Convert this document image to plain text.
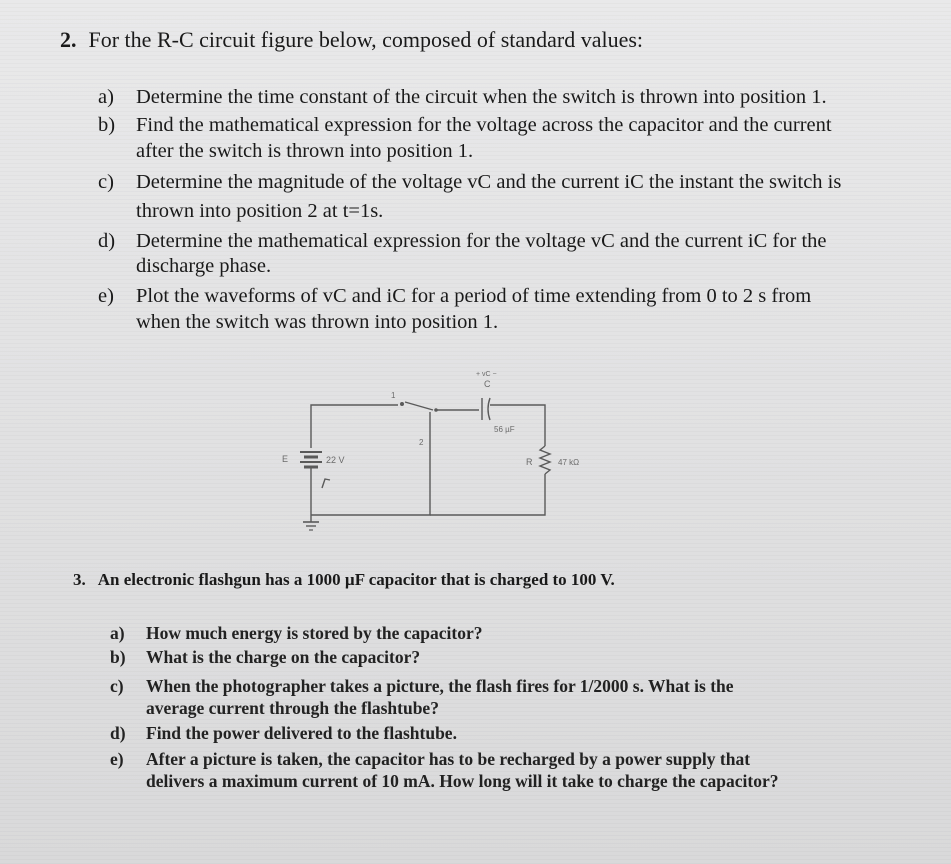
2. For the R-C circuit figure below, composed of standard values:
a) Determine the time constant of the circuit when the switch is thrown into position 1.
b) Find the mathematical expression for the voltage across the capacitor and the current
after the switch is thrown into position 1.
c) Determine the magnitude of the voltage vC and the current iC the instant the switch is
thrown into position 2 at t=1s.
d) Determine the mathematical expression for the voltage vC and the current iC for the
discharge phase.
e) Plot the waveforms of vC and iC for a period of time extending from 0 to 2 s from
when the switch was thrown into position 1.
E	22 V
C
56 µF
R	47 kΩ
1
2
+ vC −
3. An electronic flashgun has a 1000 µF capacitor that is charged to 100 V.
a) How much energy is stored by the capacitor?
b) What is the charge on the capacitor?
c) When the photographer takes a picture, the flash fires for 1/2000 s. What is the
average current through the flashtube?
d) Find the power delivered to the flashtube.
e) After a picture is taken, the capacitor has to be recharged by a power supply that
delivers a maximum current of 10 mA. How long will it take to charge the capacitor?
